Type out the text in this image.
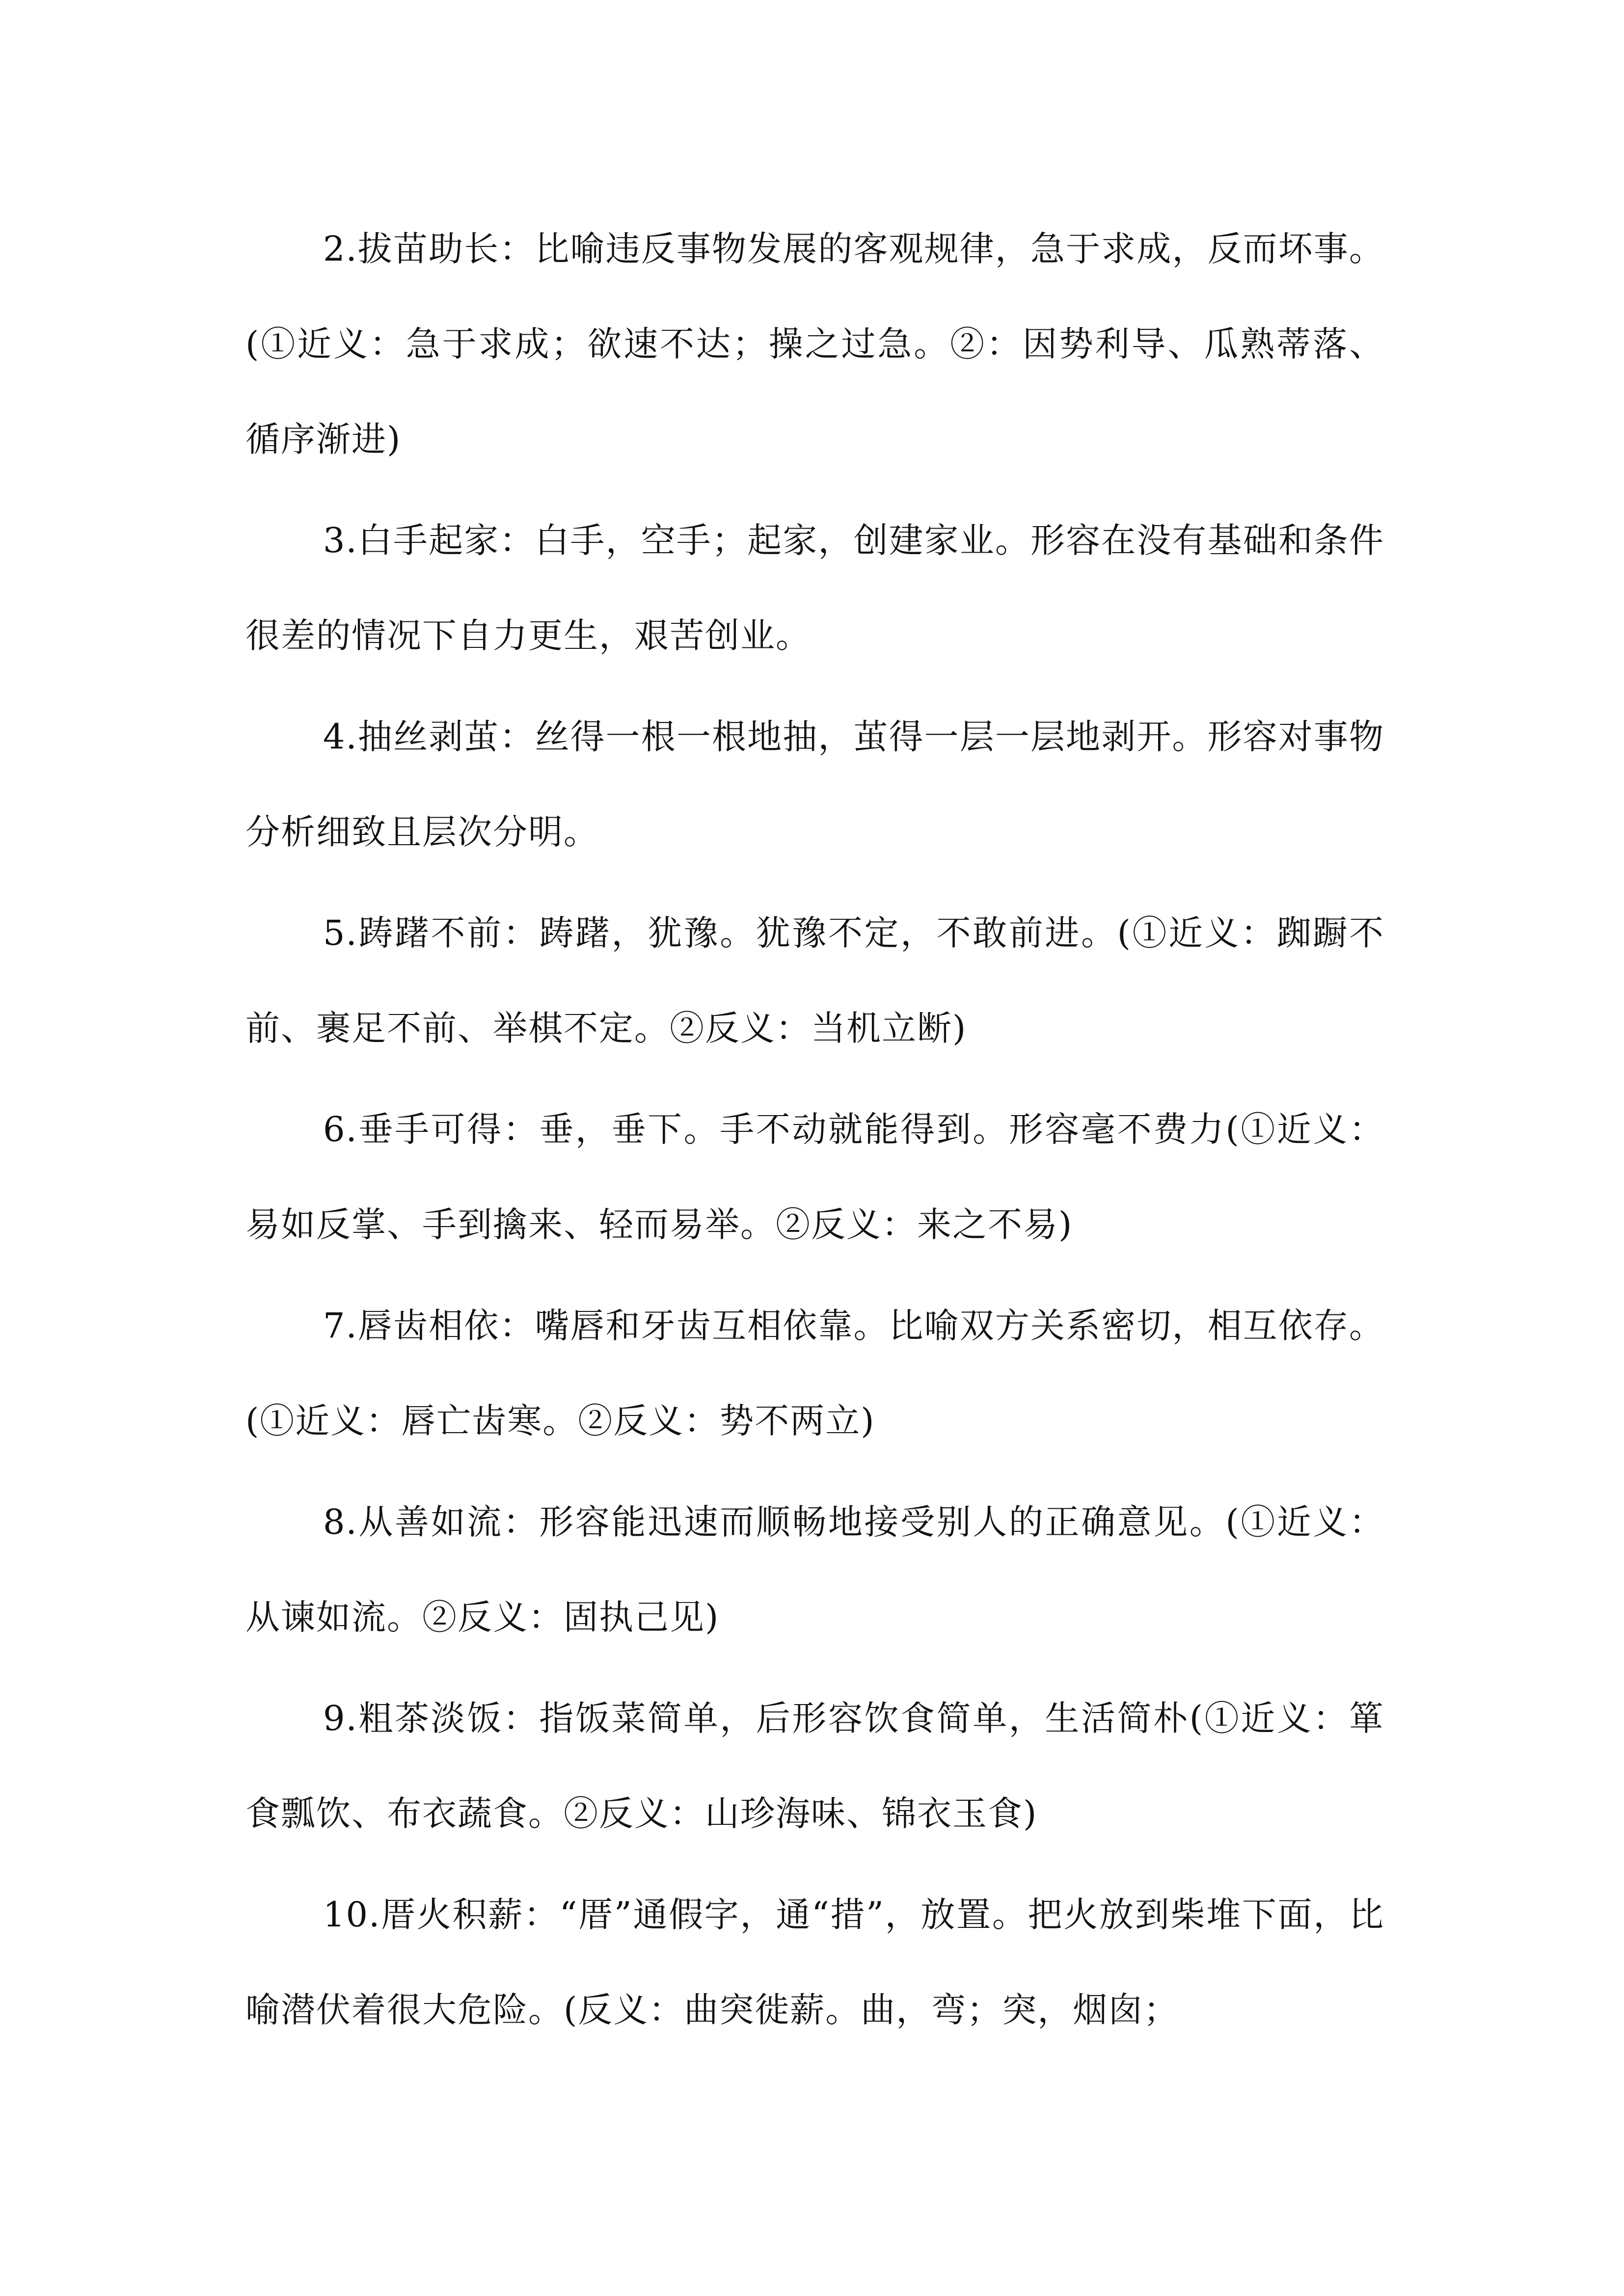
2.拔苗助长：比喻违反事物发展的客观规律，急于求成，反而坏事。(①近义：急于求成；欲速不达；操之过急。②：因势利导、瓜熟蒂落、循序渐进)

3.白手起家：白手，空手；起家，创建家业。形容在没有基础和条件很差的情况下自力更生，艰苦创业。

4.抽丝剥茧：丝得一根一根地抽，茧得一层一层地剥开。形容对事物分析细致且层次分明。

5.踌躇不前：踌躇，犹豫。犹豫不定，不敢前进。(①近义：踟蹰不前、裹足不前、举棋不定。②反义：当机立断)

6.垂手可得：垂，垂下。手不动就能得到。形容毫不费力(①近义：易如反掌、手到擒来、轻而易举。②反义：来之不易)

7.唇齿相依：嘴唇和牙齿互相依靠。比喻双方关系密切，相互依存。(①近义：唇亡齿寒。②反义：势不两立)

8.从善如流：形容能迅速而顺畅地接受别人的正确意见。(①近义：从谏如流。②反义：固执己见)

9.粗茶淡饭：指饭菜简单，后形容饮食简单，生活简朴(①近义：箪食瓢饮、布衣蔬食。②反义：山珍海味、锦衣玉食)

10.厝火积薪：“厝”通假字，通“措”，放置。把火放到柴堆下面，比喻潜伏着很大危险。(反义：曲突徙薪。曲，弯；突，烟囱；
